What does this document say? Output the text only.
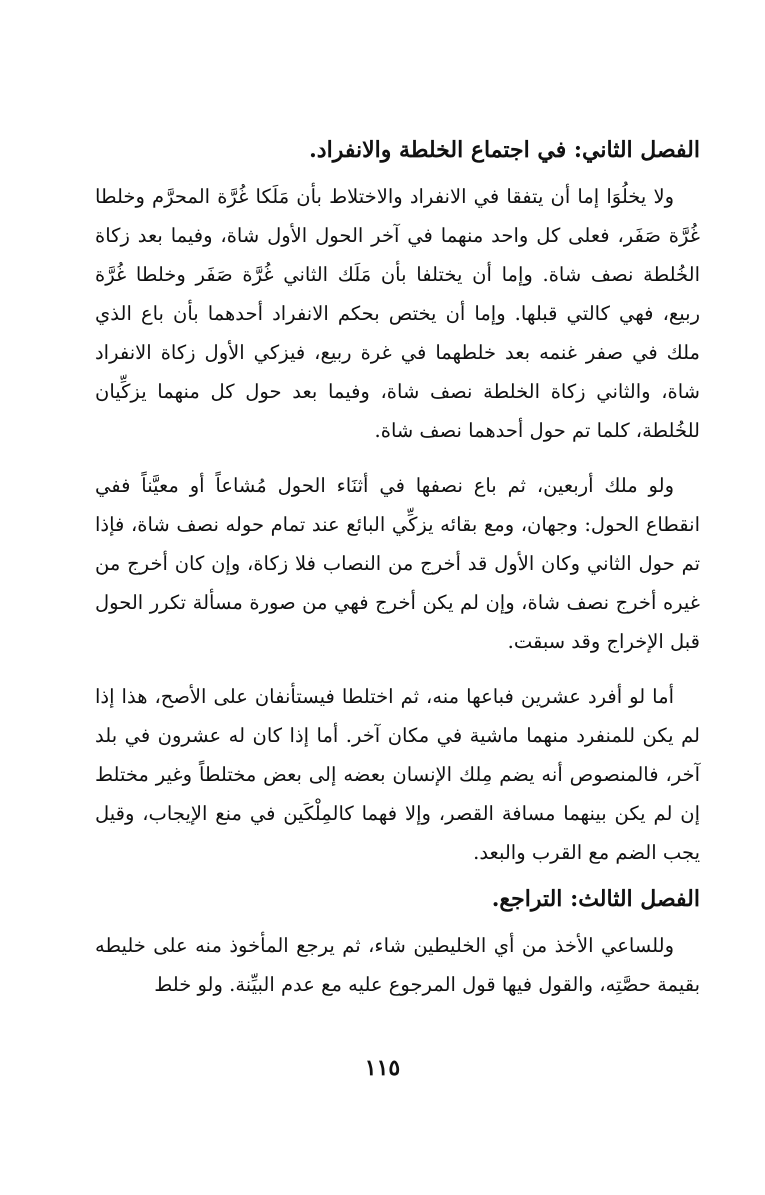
الفصل الثاني: في اجتماع الخلطة والانفراد.

ولا يخلُوَا إما أن يتفقا في الانفراد والاختلاط بأن مَلَكا غُرَّة المحرَّم وخلطا غُرَّة صَفَر، فعلى كل واحد منهما في آخر الحول الأول شاة، وفيما بعد زكاة الخُلطة نصف شاة. وإما أن يختلفا بأن مَلَك الثاني غُرَّة صَفَر وخلطا غُرَّة ربيع، فهي كالتي قبلها. وإما أن يختص بحكم الانفراد أحدهما بأن باع الذي ملك في صفر غنمه بعد خلطهما في غرة ربيع، فيزكي الأول زكاة الانفراد شاة، والثاني زكاة الخلطة نصف شاة، وفيما بعد حول كل منهما يزكِّيان للخُلطة، كلما تم حول أحدهما نصف شاة.

ولو ملك أربعين، ثم باع نصفها في أثنَاء الحول مُشاعاً أو معيَّناً ففي انقطاع الحول: وجهان، ومع بقائه يزكِّي البائع عند تمام حوله نصف شاة، فإذا تم حول الثاني وكان الأول قد أخرج من النصاب فلا زكاة، وإن كان أخرج من غيره أخرج نصف شاة، وإن لم يكن أخرج فهي من صورة مسألة تكرر الحول قبل الإخراج وقد سبقت.

أما لو أفرد عشرين فباعها منه، ثم اختلطا فيستأنفان على الأصح، هذا إذا لم يكن للمنفرد منهما ماشية في مكان آخر. أما إذا كان له عشرون في بلد آخر، فالمنصوص أنه يضم مِلك الإنسان بعضه إلى بعض مختلطاً وغير مختلط إن لم يكن بينهما مسافة القصر، وإلا فهما كالمِلْكَين في منع الإيجاب، وقيل يجب الضم مع القرب والبعد.

الفصل الثالث: التراجع.

وللساعي الأخذ من أي الخليطين شاء، ثم يرجع المأخوذ منه على خليطه بقيمة حصَّتِه، والقول فيها قول المرجوع عليه مع عدم البيِّنة. ولو خلط

١١٥
